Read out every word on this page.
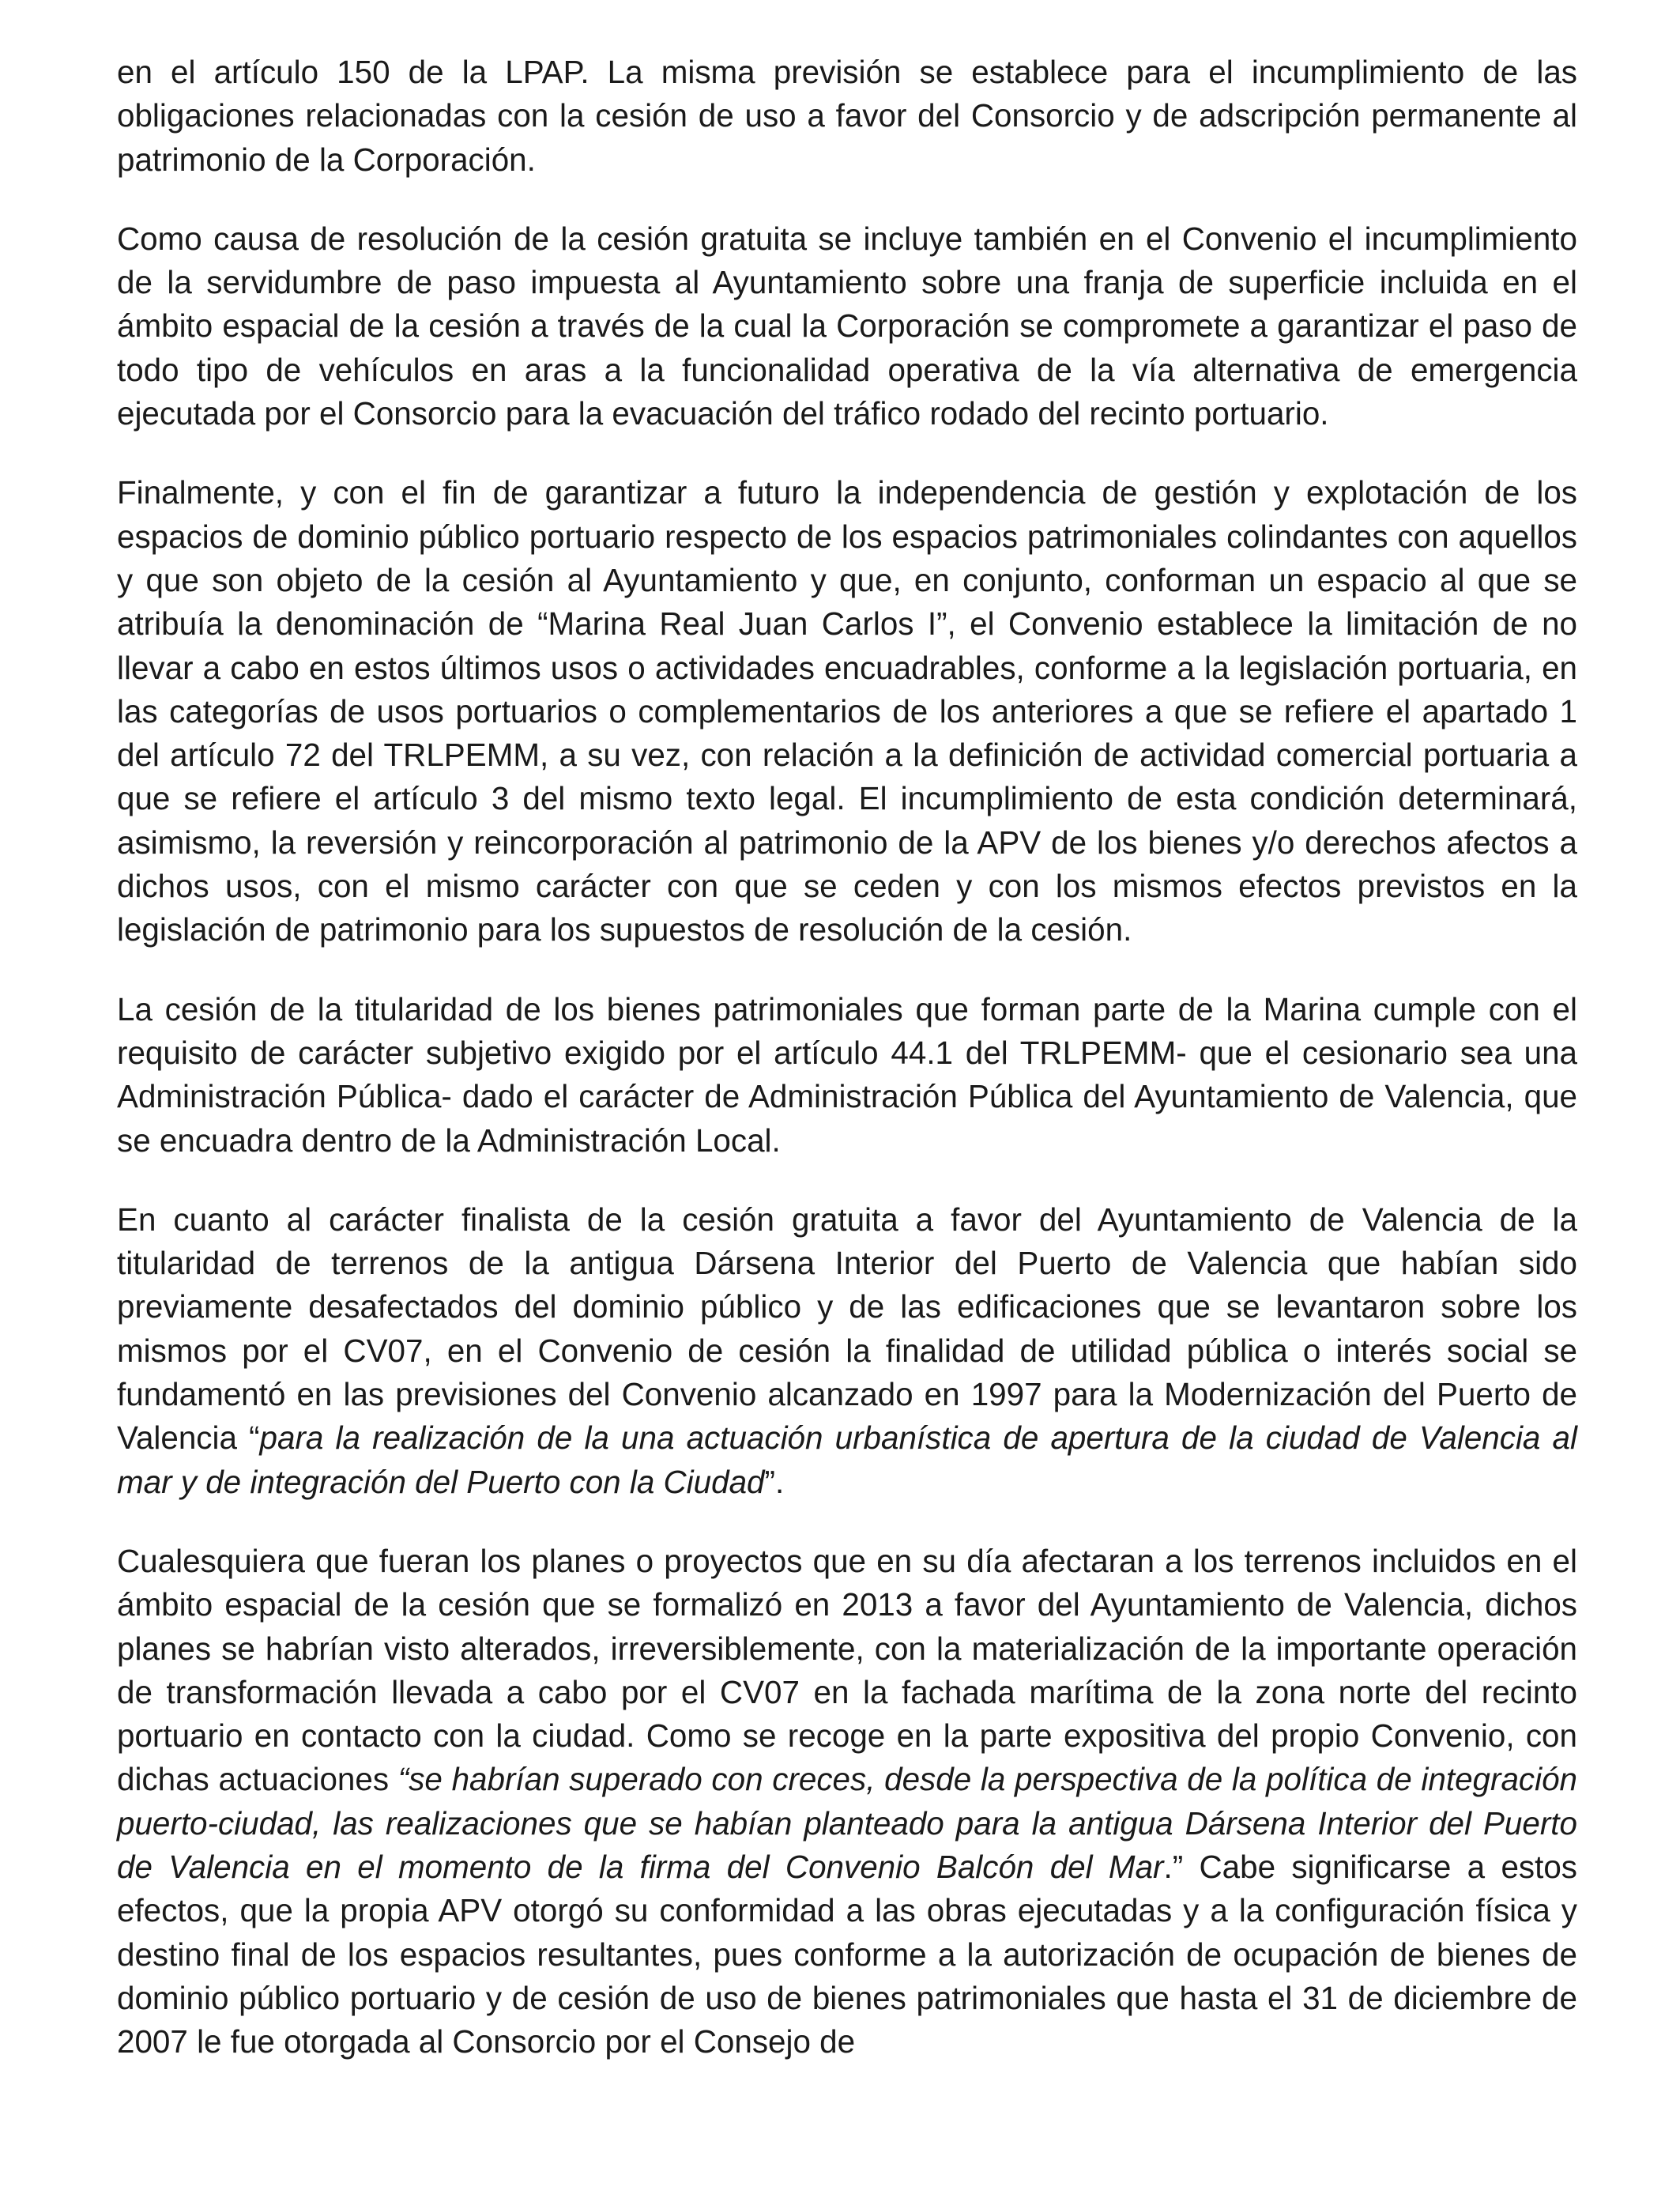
en el artículo 150 de la LPAP. La misma previsión se establece para el incumplimiento de las obligaciones relacionadas con la cesión de uso a favor del Consorcio y de adscripción permanente al patrimonio de la Corporación.

Como causa de resolución de la cesión gratuita se incluye también en el Convenio el incumplimiento de la servidumbre de paso impuesta al Ayuntamiento sobre una franja de superficie incluida en el ámbito espacial de la cesión a través de la cual la Corporación se compromete a garantizar el paso de todo tipo de vehículos en aras a la funcionalidad operativa de la vía alternativa de emergencia ejecutada por el Consorcio para la evacuación del tráfico rodado del recinto portuario.

Finalmente, y con el fin de garantizar a futuro la independencia de gestión y explotación de los espacios de dominio público portuario respecto de los espacios patrimoniales colindantes con aquellos y que son objeto de la cesión al Ayuntamiento y que, en conjunto, conforman un espacio al que se atribuía la denominación de “Marina Real Juan Carlos I”, el Convenio establece la limitación de no llevar a cabo en estos últimos usos o actividades encuadrables, conforme a la legislación portuaria, en las categorías de usos portuarios o complementarios de los anteriores a que se refiere el apartado 1 del artículo 72 del TRLPEMM, a su vez, con relación a la definición de actividad comercial portuaria a que se refiere el artículo 3 del mismo texto legal. El incumplimiento de esta condición determinará, asimismo, la reversión y reincorporación al patrimonio de la APV de los bienes y/o derechos afectos a dichos usos, con el mismo carácter con que se ceden y con los mismos efectos previstos en la legislación de patrimonio para los supuestos de resolución de la cesión.

La cesión de la titularidad de los bienes patrimoniales que forman parte de la Marina cumple con el requisito de carácter subjetivo exigido por el artículo 44.1 del TRLPEMM- que el cesionario sea una Administración Pública- dado el carácter de Administración Pública del Ayuntamiento de Valencia, que se encuadra dentro de la Administración Local.

En cuanto al carácter finalista de la cesión gratuita a favor del Ayuntamiento de Valencia de la titularidad de terrenos de la antigua Dársena Interior del Puerto de Valencia que habían sido previamente desafectados del dominio público y de las edificaciones que se levantaron sobre los mismos por el CV07, en el Convenio de cesión la finalidad de utilidad pública o interés social se fundamentó en las previsiones del Convenio alcanzado en 1997 para la Modernización del Puerto de Valencia “para la realización de la una actuación urbanística de apertura de la ciudad de Valencia al mar y de integración del Puerto con la Ciudad”.

Cualesquiera que fueran los planes o proyectos que en su día afectaran a los terrenos incluidos en el ámbito espacial de la cesión que se formalizó en 2013 a favor del Ayuntamiento de Valencia, dichos planes se habrían visto alterados, irreversiblemente, con la materialización de la importante operación de transformación llevada a cabo por el CV07 en la fachada marítima de la zona norte del recinto portuario en contacto con la ciudad. Como se recoge en la parte expositiva del propio Convenio, con dichas actuaciones “se habrían superado con creces, desde la perspectiva de la política de integración puerto-ciudad, las realizaciones que se habían planteado para la antigua Dársena Interior del Puerto de Valencia en el momento de la firma del Convenio Balcón del Mar.” Cabe significarse a estos efectos, que la propia APV otorgó su conformidad a las obras ejecutadas y a la configuración física y destino final de los espacios resultantes, pues conforme a la autorización de ocupación de bienes de dominio público portuario y de cesión de uso de bienes patrimoniales que hasta el 31 de diciembre de 2007 le fue otorgada al Consorcio por el Consejo de
